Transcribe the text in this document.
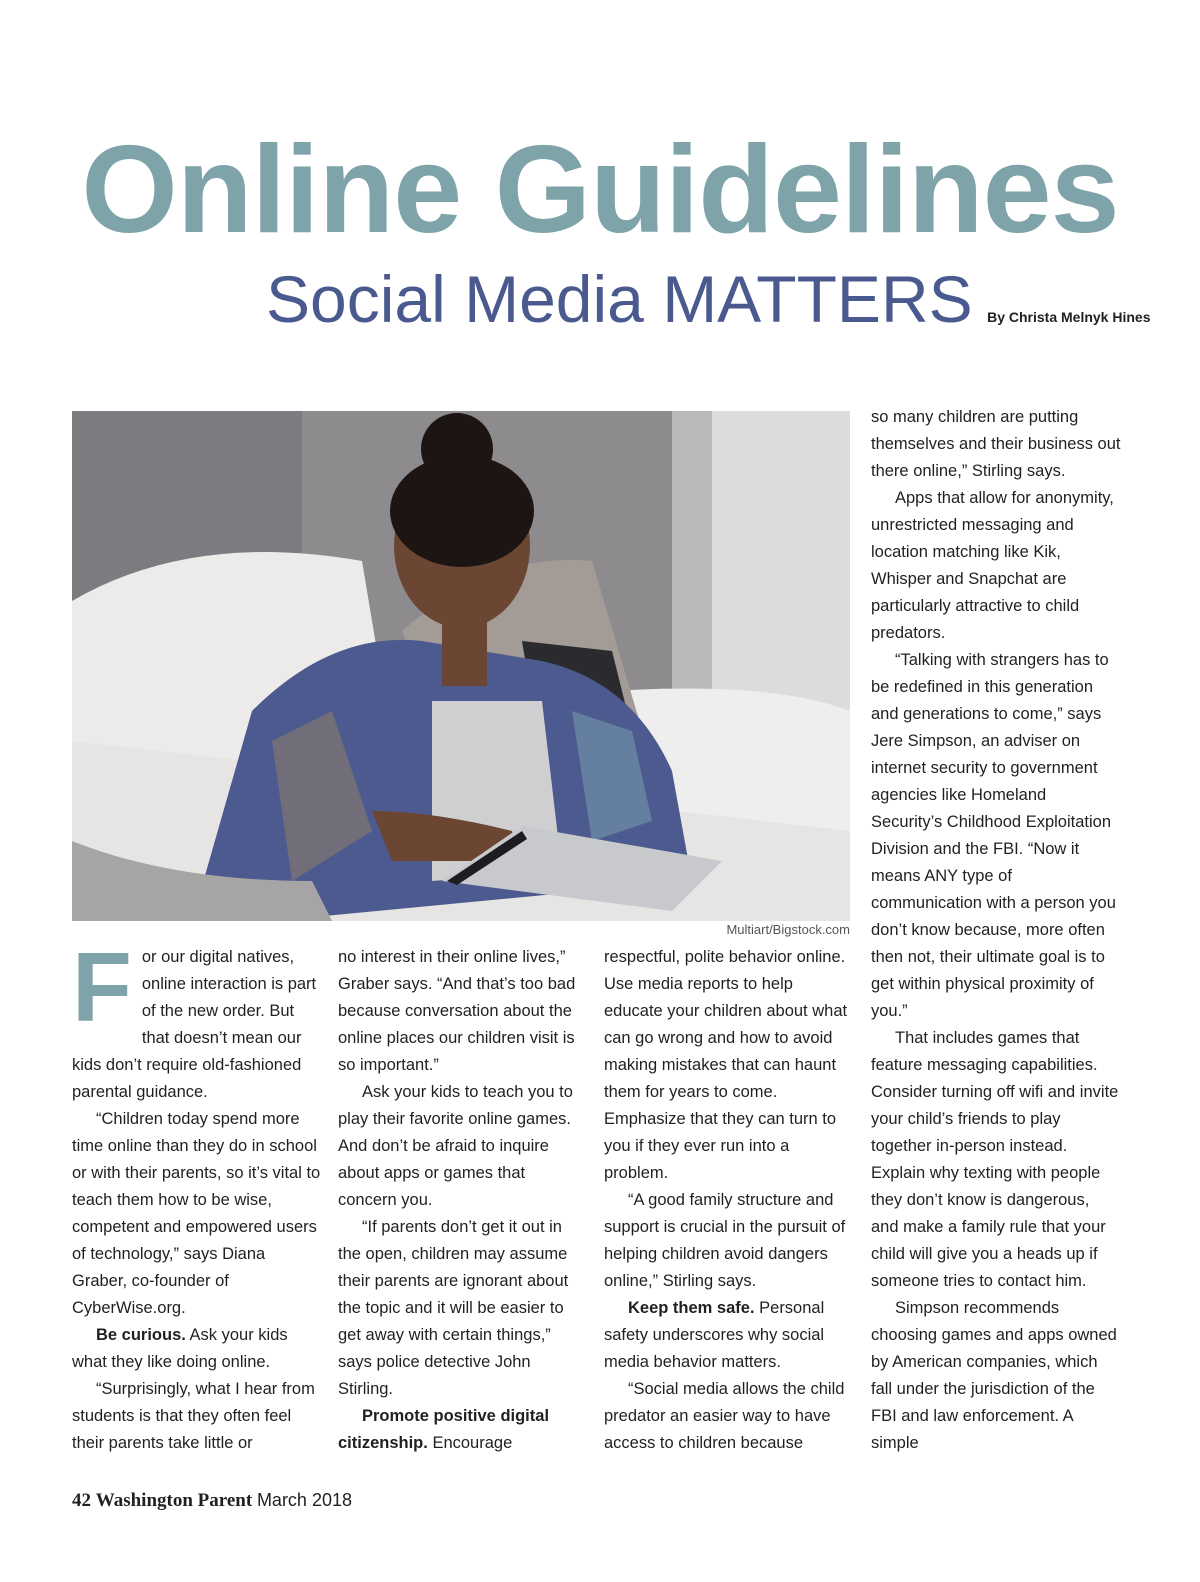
Online Guidelines
Social Media MATTERS By Christa Melnyk Hines
Multiart/Bigstock.com

For our digital natives, online interaction is part of the new order. But that doesn’t mean our kids don’t require old-fashioned parental guidance.

“Children today spend more time online than they do in school or with their parents, so it’s vital to teach them how to be wise, competent and empowered users of technology,” says Diana Graber, co-founder of CyberWise.org.

Be curious. Ask your kids what they like doing online.

“Surprisingly, what I hear from students is that they often feel their parents take little or

no interest in their online lives,” Graber says. “And that’s too bad because conversation about the online places our children visit is so important.”

Ask your kids to teach you to play their favorite online games. And don’t be afraid to inquire about apps or games that concern you.

“If parents don’t get it out in the open, children may assume their parents are ignorant about the topic and it will be easier to get away with certain things,” says police detective John Stirling.

Promote positive digital citizenship. Encourage

respectful, polite behavior online. Use media reports to help educate your children about what can go wrong and how to avoid making mistakes that can haunt them for years to come. Emphasize that they can turn to you if they ever run into a problem.

“A good family structure and support is crucial in the pursuit of helping children avoid dangers online,” Stirling says.

Keep them safe. Personal safety underscores why social media behavior matters.

“Social media allows the child predator an easier way to have access to children because

so many children are putting themselves and their business out there online,” Stirling says.

Apps that allow for anonymity, unrestricted messaging and location matching like Kik, Whisper and Snapchat are particularly attractive to child predators.

“Talking with strangers has to be redefined in this generation and generations to come,” says Jere Simpson, an adviser on internet security to government agencies like Homeland Security’s Childhood Exploitation Division and the FBI. “Now it means ANY type of communication with a person you don’t know because, more often then not, their ultimate goal is to get within physical proximity of you.”

That includes games that feature messaging capabilities. Consider turning off wifi and invite your child’s friends to play together in-person instead. Explain why texting with people they don’t know is dangerous, and make a family rule that your child will give you a heads up if someone tries to contact him.

Simpson recommends choosing games and apps owned by American companies, which fall under the jurisdiction of the FBI and law enforcement. A simple

42 Washington Parent March 2018
